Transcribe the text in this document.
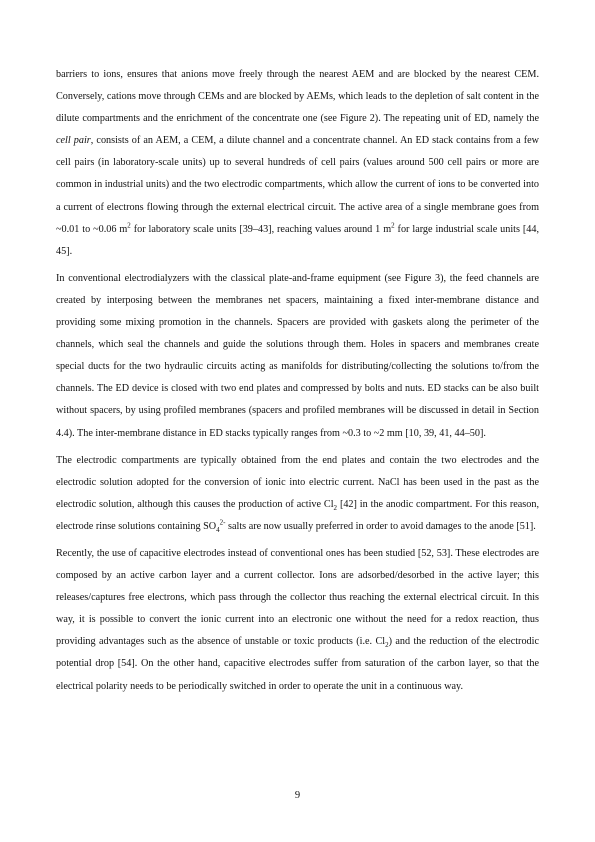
barriers to ions, ensures that anions move freely through the nearest AEM and are blocked by the nearest CEM. Conversely, cations move through CEMs and are blocked by AEMs, which leads to the depletion of salt content in the dilute compartments and the enrichment of the concentrate one (see Figure 2). The repeating unit of ED, namely the cell pair, consists of an AEM, a CEM, a dilute channel and a concentrate channel. An ED stack contains from a few cell pairs (in laboratory-scale units) up to several hundreds of cell pairs (values around 500 cell pairs or more are common in industrial units) and the two electrodic compartments, which allow the current of ions to be converted into a current of electrons flowing through the external electrical circuit. The active area of a single membrane goes from ~0.01 to ~0.06 $m^2$ for laboratory scale units [39–43], reaching values around 1 $m^2$ for large industrial scale units [44, 45].

In conventional electrodialyzers with the classical plate-and-frame equipment (see Figure 3), the feed channels are created by interposing between the membranes net spacers, maintaining a fixed inter-membrane distance and providing some mixing promotion in the channels. Spacers are provided with gaskets along the perimeter of the channels, which seal the channels and guide the solutions through them. Holes in spacers and membranes create special ducts for the two hydraulic circuits acting as manifolds for distributing/collecting the solutions to/from the channels. The ED device is closed with two end plates and compressed by bolts and nuts. ED stacks can be also built without spacers, by using profiled membranes (spacers and profiled membranes will be discussed in detail in Section 4.4). The inter-membrane distance in ED stacks typically ranges from ~0.3 to ~2 mm [10, 39, 41, 44–50].

The electrodic compartments are typically obtained from the end plates and contain the two electrodes and the electrodic solution adopted for the conversion of ionic into electric current. NaCl has been used in the past as the electrodic solution, although this causes the production of active $Cl_2$ [42] in the anodic compartment. For this reason, electrode rinse solutions containing $SO_4^{2-}$ salts are now usually preferred in order to avoid damages to the anode [51].

Recently, the use of capacitive electrodes instead of conventional ones has been studied [52, 53]. These electrodes are composed by an active carbon layer and a current collector. Ions are adsorbed/desorbed in the active layer; this releases/captures free electrons, which pass through the collector thus reaching the external electrical circuit. In this way, it is possible to convert the ionic current into an electronic one without the need for a redox reaction, thus providing advantages such as the absence of unstable or toxic products (i.e. $Cl_2$) and the reduction of the electrodic potential drop [54]. On the other hand, capacitive electrodes suffer from saturation of the carbon layer, so that the electrical polarity needs to be periodically switched in order to operate the unit in a continuous way.

9
